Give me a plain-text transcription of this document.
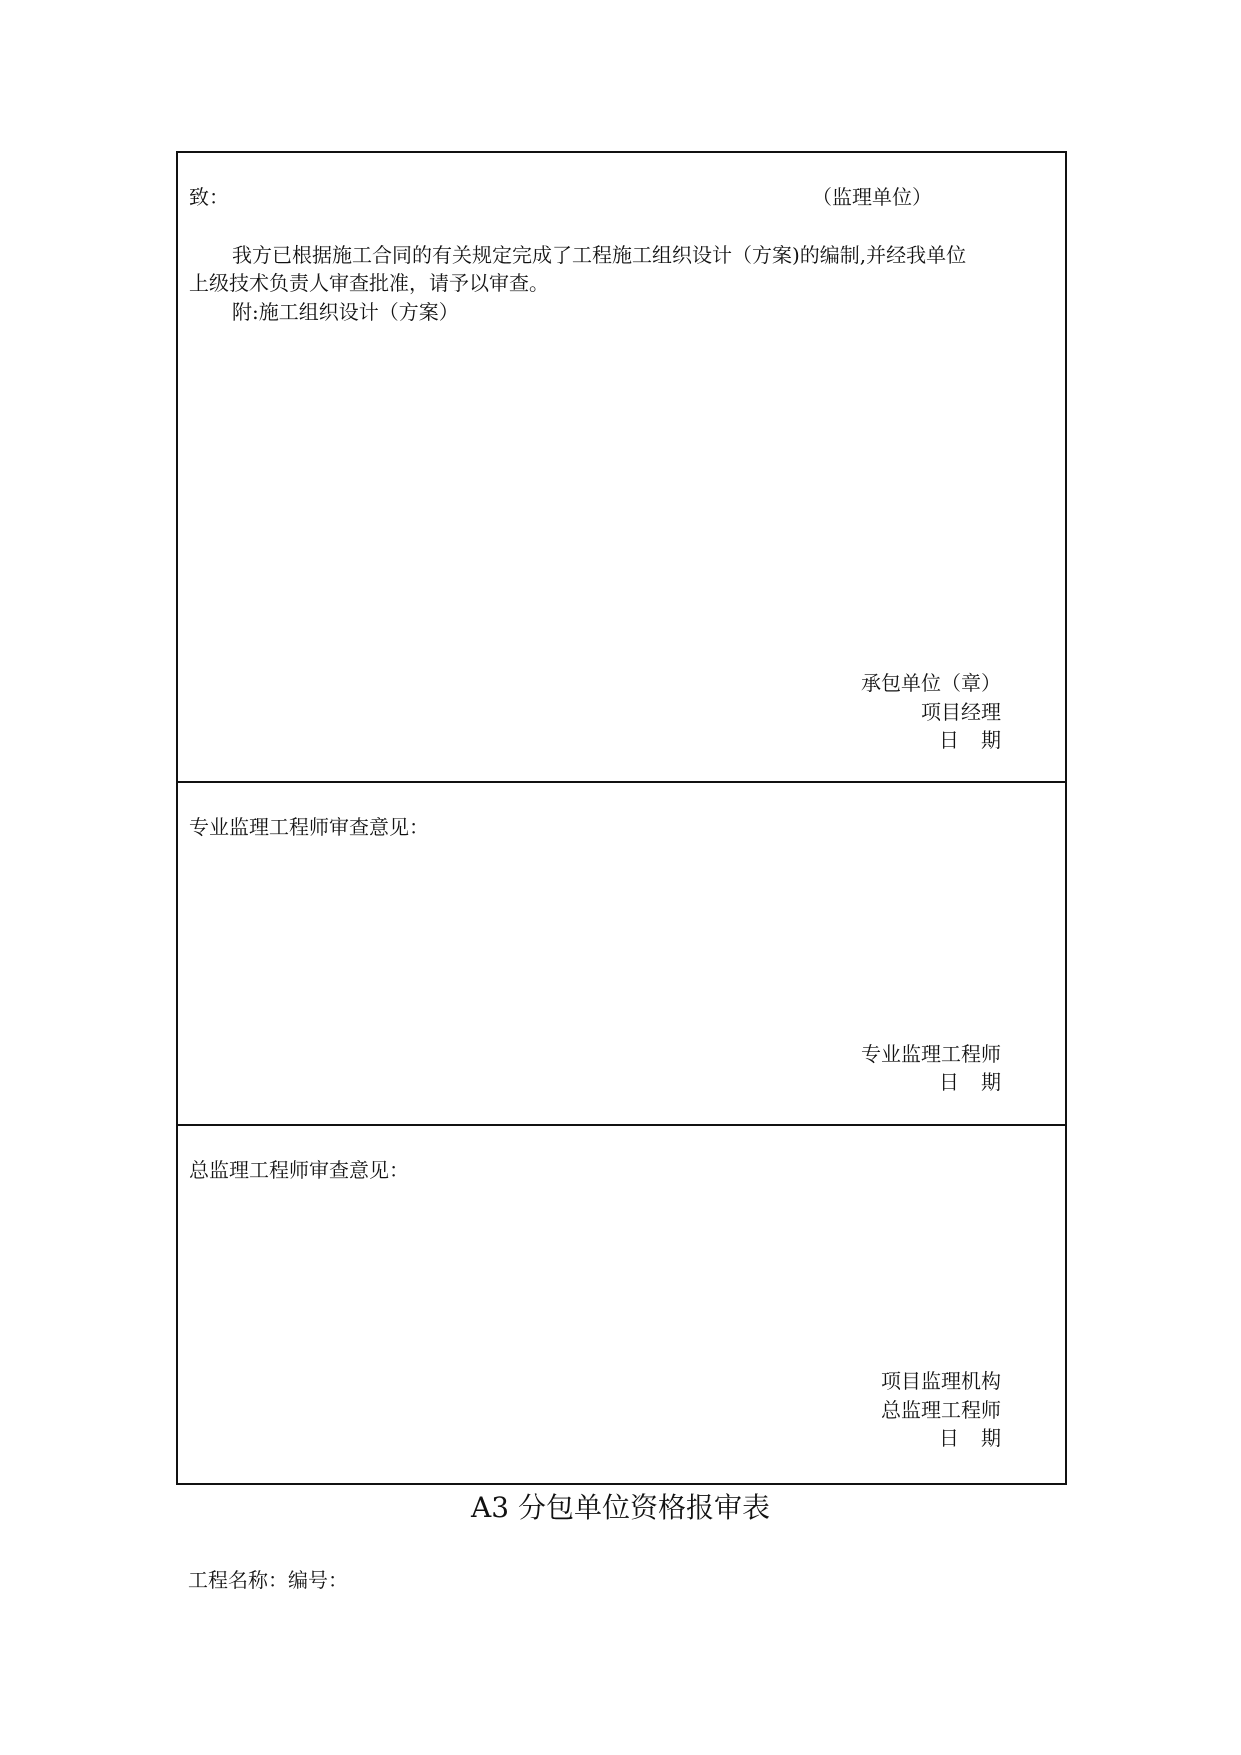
致：	（监理单位）
我方已根据施工合同的有关规定完成了工程施工组织设计（方案)的编制,并经我单位
上级技术负责人审查批准，请予以审查。
附:施工组织设计（方案）
承包单位（章）
项目经理
日 期
专业监理工程师审查意见：
专业监理工程师
日 期
总监理工程师审查意见：
项目监理机构
总监理工程师
日 期
A3 分包单位资格报审表
工程名称：编号：
